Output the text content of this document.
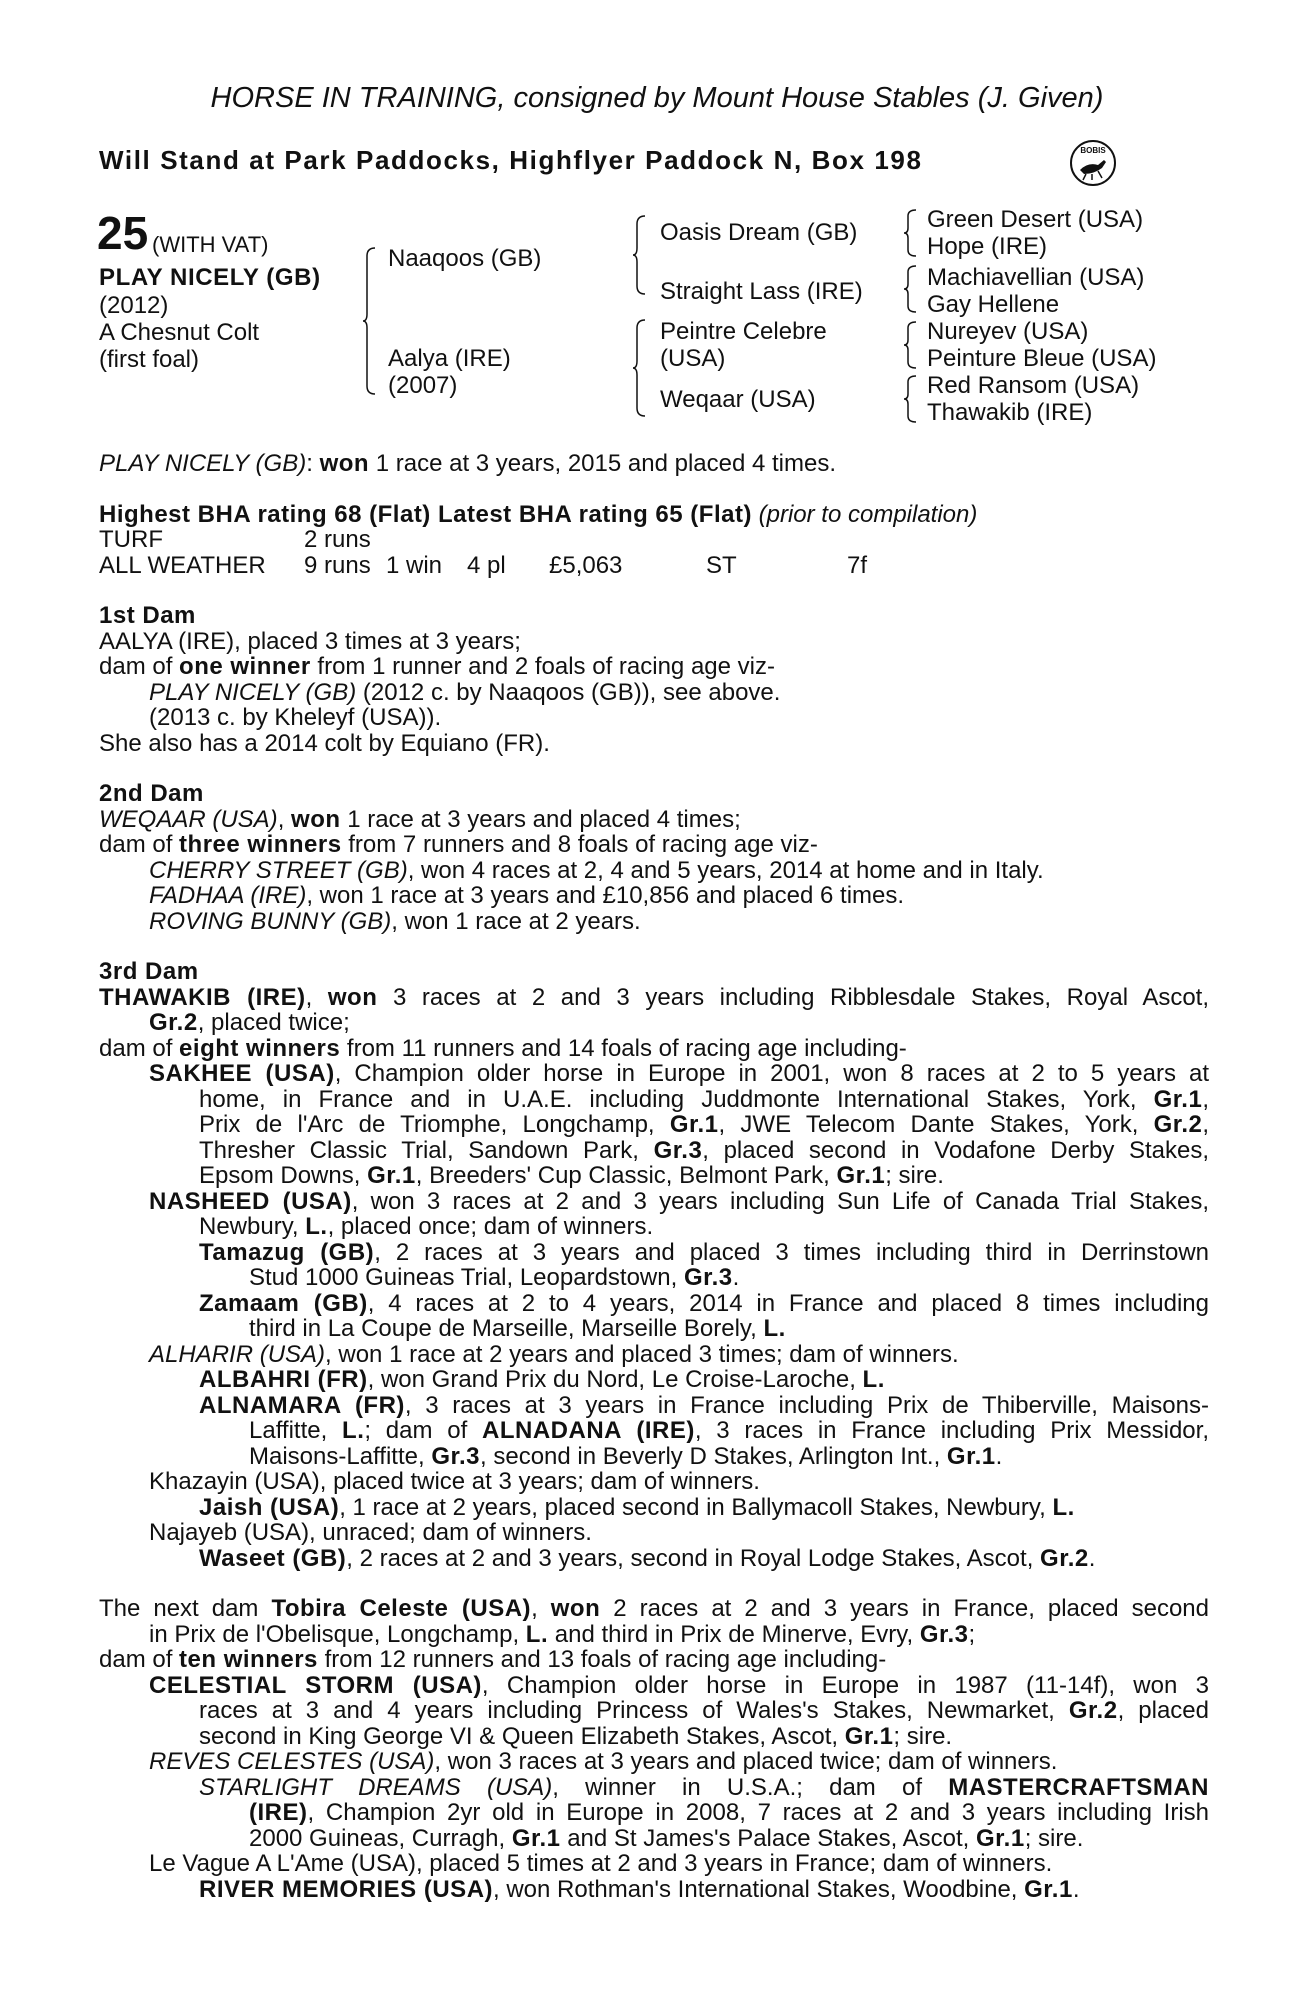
HORSE IN TRAINING, consigned by Mount House Stables (J. Given)
Will Stand at Park Paddocks, Highflyer Paddock N, Box 198	BOBIS
25 (WITH VAT)
PLAY NICELY (GB)
(2012)
A Chesnut Colt
(first foal)
Naaqoos (GB)
Aalya (IRE)
(2007)
Oasis Dream (GB)
Straight Lass (IRE)
Peintre Celebre
(USA)
Weqaar (USA)
Green Desert (USA)
Hope (IRE)
Machiavellian (USA)
Gay Hellene
Nureyev (USA)
Peinture Bleue (USA)
Red Ransom (USA)
Thawakib (IRE)

PLAY NICELY (GB): won 1 race at 3 years, 2015 and placed 4 times.

Highest BHA rating 68 (Flat) Latest BHA rating 65 (Flat) (prior to compilation)

TURF	2 runs

ALL WEATHER 9 runs 1 win 4 pl £5,063	ST	7f

1st Dam

AALYA (IRE), placed 3 times at 3 years;

dam of one winner from 1 runner and 2 foals of racing age viz-

PLAY NICELY (GB) (2012 c. by Naaqoos (GB)), see above.

(2013 c. by Kheleyf (USA)).

She also has a 2014 colt by Equiano (FR).

2nd Dam

WEQAAR (USA), won 1 race at 3 years and placed 4 times;

dam of three winners from 7 runners and 8 foals of racing age viz-

CHERRY STREET (GB), won 4 races at 2, 4 and 5 years, 2014 at home and in Italy.

FADHAA (IRE), won 1 race at 3 years and £10,856 and placed 6 times.

ROVING BUNNY (GB), won 1 race at 2 years.

3rd Dam

THAWAKIB (IRE), won 3 races at 2 and 3 years including Ribblesdale Stakes, Royal Ascot,

Gr.2, placed twice;

dam of eight winners from 11 runners and 14 foals of racing age including-

SAKHEE (USA), Champion older horse in Europe in 2001, won 8 races at 2 to 5 years at

home, in France and in U.A.E. including Juddmonte International Stakes, York, Gr.1,

Prix de l'Arc de Triomphe, Longchamp, Gr.1, JWE Telecom Dante Stakes, York, Gr.2,

Thresher Classic Trial, Sandown Park, Gr.3, placed second in Vodafone Derby Stakes,

Epsom Downs, Gr.1, Breeders' Cup Classic, Belmont Park, Gr.1; sire.

NASHEED (USA), won 3 races at 2 and 3 years including Sun Life of Canada Trial Stakes,

Newbury, L., placed once; dam of winners.

Tamazug (GB), 2 races at 3 years and placed 3 times including third in Derrinstown

Stud 1000 Guineas Trial, Leopardstown, Gr.3.

Zamaam (GB), 4 races at 2 to 4 years, 2014 in France and placed 8 times including

third in La Coupe de Marseille, Marseille Borely, L.

ALHARIR (USA), won 1 race at 2 years and placed 3 times; dam of winners.

ALBAHRI (FR), won Grand Prix du Nord, Le Croise-Laroche, L.

ALNAMARA (FR), 3 races at 3 years in France including Prix de Thiberville, Maisons-

Laffitte, L.; dam of ALNADANA (IRE), 3 races in France including Prix Messidor,

Maisons-Laffitte, Gr.3, second in Beverly D Stakes, Arlington Int., Gr.1.

Khazayin (USA), placed twice at 3 years; dam of winners.

Jaish (USA), 1 race at 2 years, placed second in Ballymacoll Stakes, Newbury, L.

Najayeb (USA), unraced; dam of winners.

Waseet (GB), 2 races at 2 and 3 years, second in Royal Lodge Stakes, Ascot, Gr.2.

The next dam Tobira Celeste (USA), won 2 races at 2 and 3 years in France, placed second

in Prix de l'Obelisque, Longchamp, L. and third in Prix de Minerve, Evry, Gr.3;

dam of ten winners from 12 runners and 13 foals of racing age including-

CELESTIAL STORM (USA), Champion older horse in Europe in 1987 (11-14f), won 3

races at 3 and 4 years including Princess of Wales's Stakes, Newmarket, Gr.2, placed

second in King George VI & Queen Elizabeth Stakes, Ascot, Gr.1; sire.

REVES CELESTES (USA), won 3 races at 3 years and placed twice; dam of winners.

STARLIGHT DREAMS (USA), winner in U.S.A.; dam of MASTERCRAFTSMAN

(IRE), Champion 2yr old in Europe in 2008, 7 races at 2 and 3 years including Irish

2000 Guineas, Curragh, Gr.1 and St James's Palace Stakes, Ascot, Gr.1; sire.

Le Vague A L'Ame (USA), placed 5 times at 2 and 3 years in France; dam of winners.

RIVER MEMORIES (USA), won Rothman's International Stakes, Woodbine, Gr.1.
